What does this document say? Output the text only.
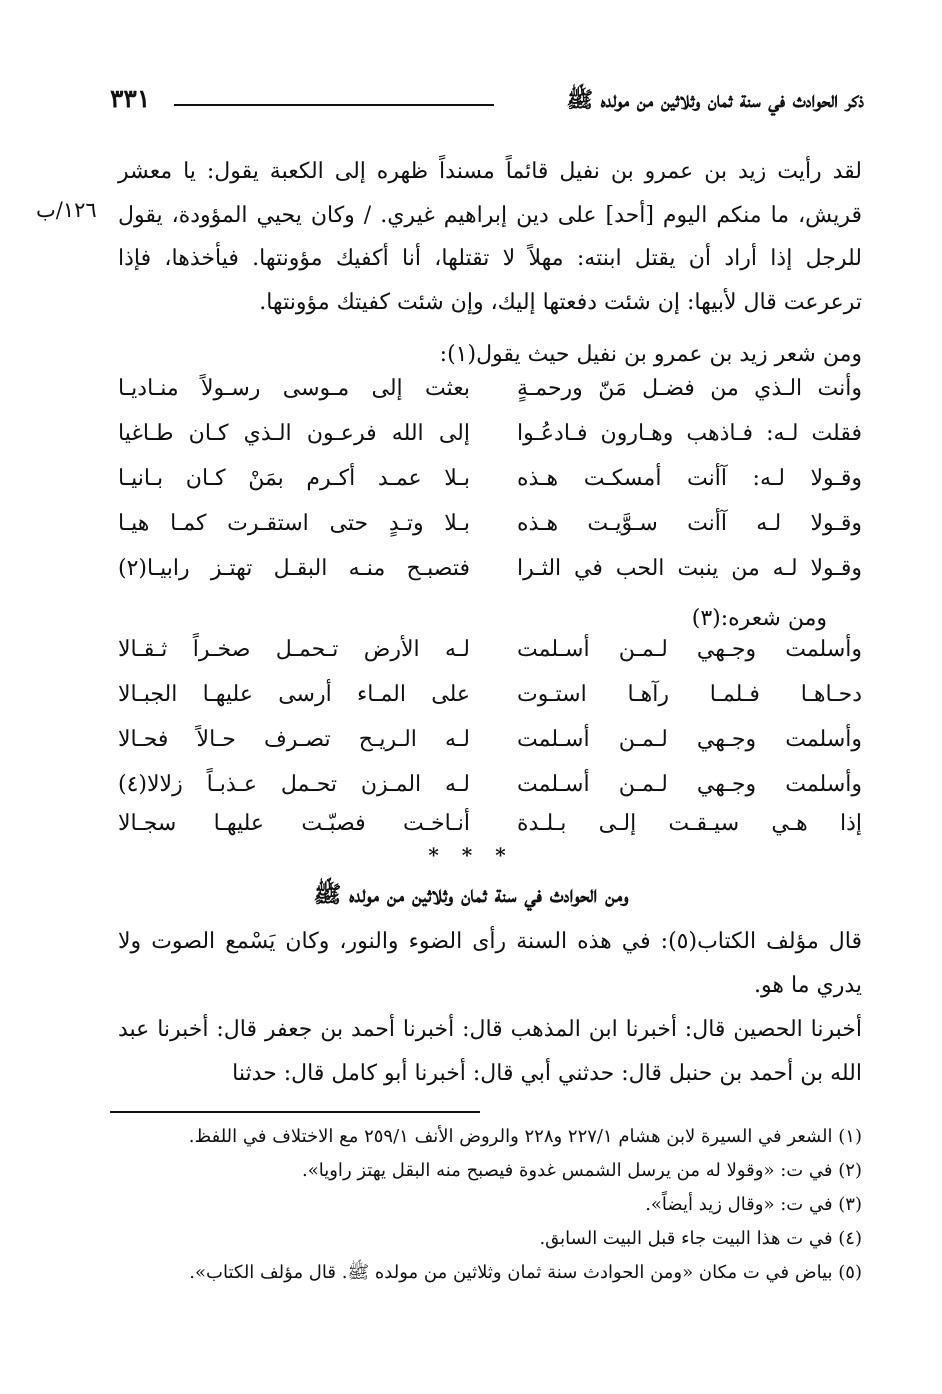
ذكر الحوادث في سنة ثمان وثلاثين من مولده ﷺ
٣٣١
لقد رأيت زيد بن عمرو بن نفيل قائماً مسنداً ظهره إلى الكعبة يقول: يا معشر قريش، ما منكم اليوم [أحد] على دين إبراهيم غيري. / وكان يحيي المؤودة، يقول للرجل إذا أراد أن يقتل ابنته: مهلاً لا تقتلها، أنا أكفيك مؤونتها. فيأخذها، فإذا ترعرعت قال لأبيها: إن شئت دفعتها إليك، وإن شئت كفيتك مؤونتها.
١٢٦/ب
ومن شعر زيد بن عمرو بن نفيل حيث يقول(١):
وأنت الـذي من فضـل مَنّ ورحمـةٍ
بعثت إلى مـوسى رسـولاً منـاديـا
فقلت لـه: فـاذهب وهـارون فـادعُـوا
إلى الله فرعـون الـذي كـان طـاغيا
وقـولا لـه: آأنت أمسكـت هـذه
بـلا عمـد أكـرم بمَنْ كـان بـانيـا
وقـولا لـه آأنت سـوَّيـت هـذه
بـلا وتـدٍ حتى استقـرت كمـا هيـا
وقـولا لـه من ينبت الحب في الثـرا
فتصبـح منـه البقـل تهتـز رابيـا(٢)
ومن شعره:(٣)
وأسلمت وجـهي لـمـن أسـلمت
لـه الأرض تـحمـل صخـراً ثـقـالا
دحـاهـا فـلمـا رآهـا استـوت
على المـاء أرسى عليهـا الجبـالا
وأسلمت وجـهي لـمـن أسـلمت
لـه الـريـح تصـرف حـالاً فحـالا
وأسلمت وجـهي لـمـن أسـلمت
لـه المـزن تحـمل عـذبـاً زلالا(٤)
إذا هـي سيـقـت إلـى بـلـدة
أنـاخـت فصبّـت عليهـا سجـالا
* * *
ومن الحوادث في سنة ثمان وثلاثين من مولده ﷺ
قال مؤلف الكتاب(٥): في هذه السنة رأى الضوء والنور، وكان يَسْمع الصوت ولا يدري ما هو.
أخبرنا الحصين قال: أخبرنا ابن المذهب قال: أخبرنا أحمد بن جعفر قال: أخبرنا عبد الله بن أحمد بن حنبل قال: حدثني أبي قال: أخبرنا أبو كامل قال: حدثنا
(١) الشعر في السيرة لابن هشام ٢٢٧/١ و٢٢٨ والروض الأنف ٢٥٩/١ مع الاختلاف في اللفظ.
(٢) في ت: «وقولا له من يرسل الشمس غدوة فيصبح منه البقل يهتز راويا».
(٣) في ت: «وقال زيد أيضاً».
(٤) في ت هذا البيت جاء قبل البيت السابق.
(٥) بياض في ت مكان «ومن الحوادث سنة ثمان وثلاثين من مولده ﷺ. قال مؤلف الكتاب».
